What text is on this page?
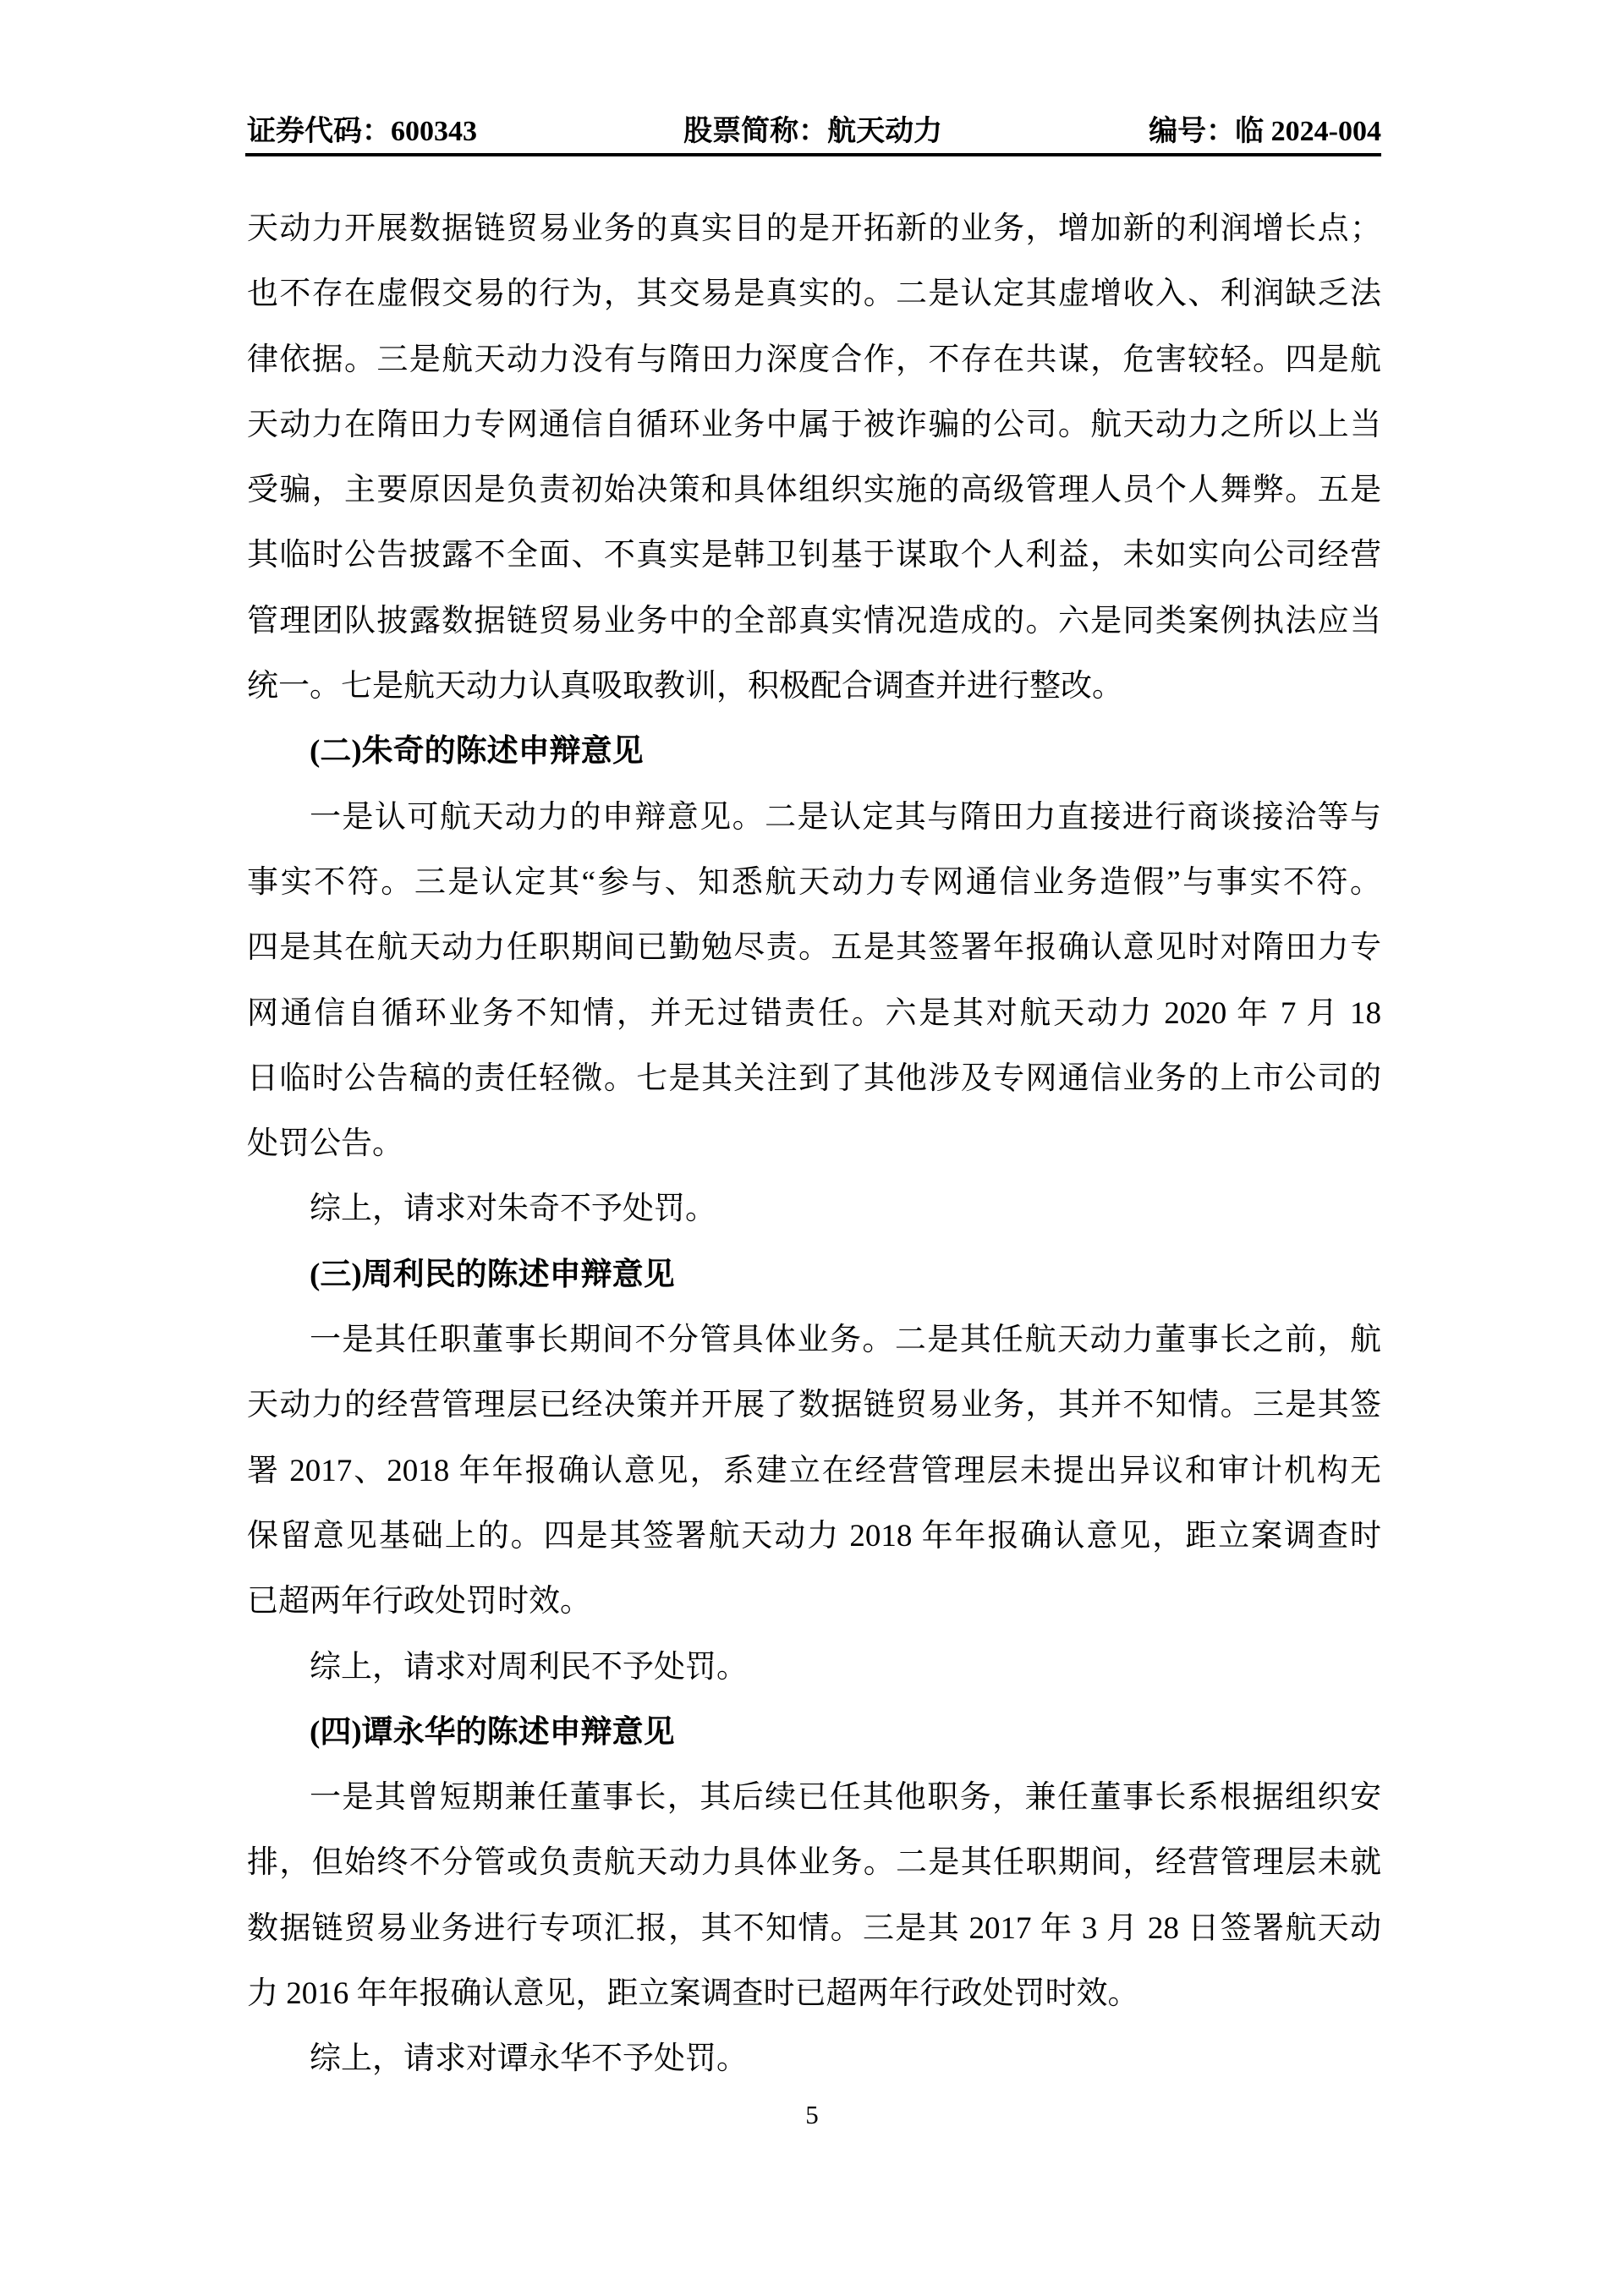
证券代码：600343	股票简称：航天动力	编号：临 2024-004
天动力开展数据链贸易业务的真实目的是开拓新的业务，增加新的利润增长点；
也不存在虚假交易的行为，其交易是真实的。二是认定其虚增收入、利润缺乏法
律依据。三是航天动力没有与隋田力深度合作，不存在共谋，危害较轻。四是航
天动力在隋田力专网通信自循环业务中属于被诈骗的公司。航天动力之所以上当
受骗，主要原因是负责初始决策和具体组织实施的高级管理人员个人舞弊。五是
其临时公告披露不全面、不真实是韩卫钊基于谋取个人利益，未如实向公司经营
管理团队披露数据链贸易业务中的全部真实情况造成的。六是同类案例执法应当
统一。七是航天动力认真吸取教训，积极配合调查并进行整改。
(二)朱奇的陈述申辩意见
一是认可航天动力的申辩意见。二是认定其与隋田力直接进行商谈接洽等与
事实不符。三是认定其“参与、知悉航天动力专网通信业务造假”与事实不符。
四是其在航天动力任职期间已勤勉尽责。五是其签署年报确认意见时对隋田力专
网通信自循环业务不知情，并无过错责任。六是其对航天动力 2020 年 7 月 18
日临时公告稿的责任轻微。七是其关注到了其他涉及专网通信业务的上市公司的
处罚公告。
综上，请求对朱奇不予处罚。
(三)周利民的陈述申辩意见
一是其任职董事长期间不分管具体业务。二是其任航天动力董事长之前，航
天动力的经营管理层已经决策并开展了数据链贸易业务，其并不知情。三是其签
署 2017、2018 年年报确认意见，系建立在经营管理层未提出异议和审计机构无
保留意见基础上的。四是其签署航天动力 2018 年年报确认意见，距立案调查时
已超两年行政处罚时效。
综上，请求对周利民不予处罚。
(四)谭永华的陈述申辩意见
一是其曾短期兼任董事长，其后续已任其他职务，兼任董事长系根据组织安
排，但始终不分管或负责航天动力具体业务。二是其任职期间，经营管理层未就
数据链贸易业务进行专项汇报，其不知情。三是其 2017 年 3 月 28 日签署航天动
力 2016 年年报确认意见，距立案调查时已超两年行政处罚时效。
综上，请求对谭永华不予处罚。
5
